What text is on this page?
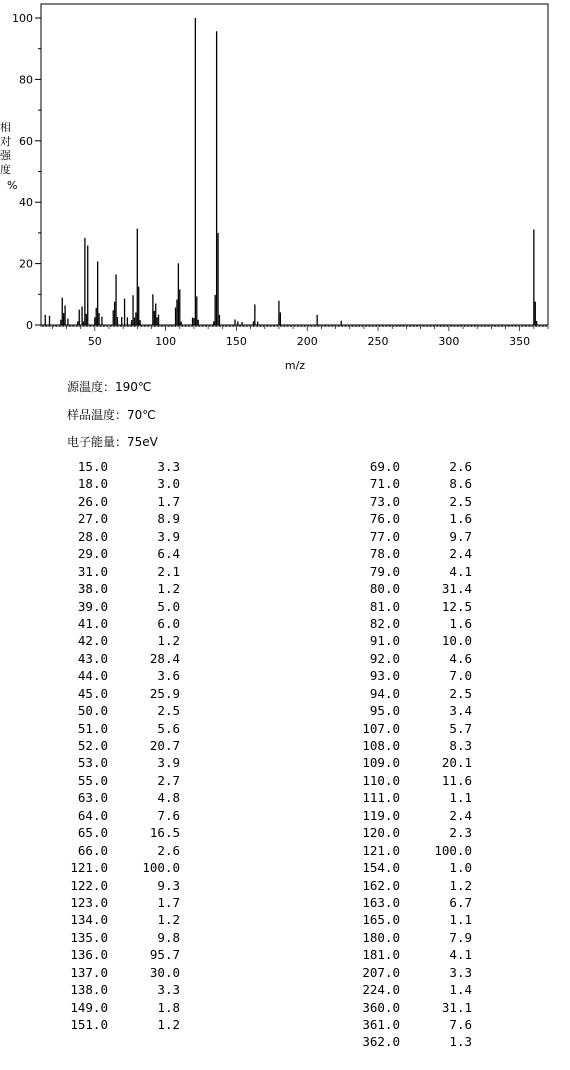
0
20
40
60
80
100
50	100	150	200	250	300	350
m/z
相对强度%
源温度：190℃
样品温度：70℃
电子能量：75eV
15.0	3.3
18.0	3.0
26.0	1.7
27.0	8.9
28.0	3.9
29.0	6.4
31.0	2.1
38.0	1.2
39.0	5.0
41.0	6.0
42.0	1.2
43.0	28.4
44.0	3.6
45.0	25.9
50.0	2.5
51.0	5.6
52.0	20.7
53.0	3.9
55.0	2.7
63.0	4.8
64.0	7.6
65.0	16.5
66.0	2.6
121.0	100.0
122.0	9.3
123.0	1.7
134.0	1.2
135.0	9.8
136.0	95.7
137.0	30.0
138.0	3.3
149.0	1.8
151.0	1.2
69.0	2.6
71.0	8.6
73.0	2.5
76.0	1.6
77.0	9.7
78.0	2.4
79.0	4.1
80.0	31.4
81.0	12.5
82.0	1.6
91.0	10.0
92.0	4.6
93.0	7.0
94.0	2.5
95.0	3.4
107.0	5.7
108.0	8.3
109.0	20.1
110.0	11.6
111.0	1.1
119.0	2.4
120.0	2.3
121.0	100.0
154.0	1.0
162.0	1.2
163.0	6.7
165.0	1.1
180.0	7.9
181.0	4.1
207.0	3.3
224.0	1.4
360.0	31.1
361.0	7.6
362.0	1.3
